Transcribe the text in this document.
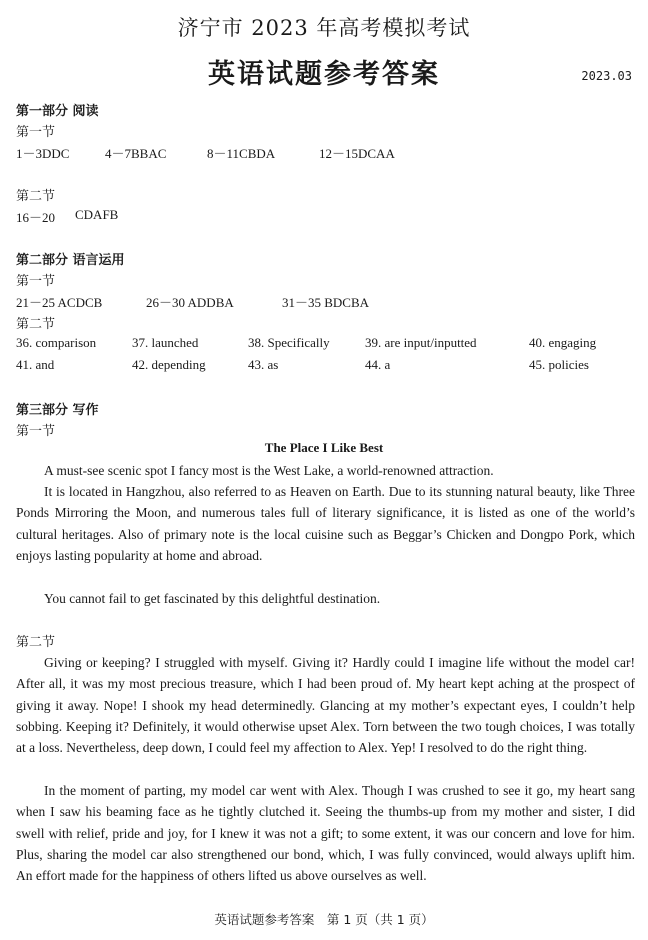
济宁市 2023 年高考模拟考试
英语试题参考答案	2023.03
第一部分 阅读
第一节
1－3DDC	4－7BBAC	8－11CBDA	12－15DCAA
第二节
16－20 CDAFB
第二部分 语言运用
第一节
21－25 ACDCB	26－30 ADDBA	31－35 BDCBA
第二节
36. comparison	37. launched	38. Specifically	39. are input/inputted	40. engaging
41. and	42. depending	43. as	44. a	45. policies
第三部分 写作
第一节
The Place I Like Best

A must-see scenic spot I fancy most is the West Lake, a world-renowned attraction.

It is located in Hangzhou, also referred to as Heaven on Earth. Due to its stunning natural beauty, like Three Ponds Mirroring the Moon, and numerous tales full of literary significance, it is listed as one of the world’s cultural heritages. Also of primary note is the local cuisine such as Beggar’s Chicken and Dongpo Pork, which enjoys lasting popularity at home and abroad.

You cannot fail to get fascinated by this delightful destination.

第二节

Giving or keeping? I struggled with myself. Giving it? Hardly could I imagine life without the model car! After all, it was my most precious treasure, which I had been proud of. My heart kept aching at the prospect of giving it away. Nope! I shook my head determinedly. Glancing at my mother’s expectant eyes, I couldn’t help sobbing. Keeping it? Definitely, it would otherwise upset Alex. Torn between the two tough choices, I was totally at a loss. Nevertheless, deep down, I could feel my affection to Alex. Yep! I resolved to do the right thing.

In the moment of parting, my model car went with Alex. Though I was crushed to see it go, my heart sang when I saw his beaming face as he tightly clutched it. Seeing the thumbs-up from my mother and sister, I did swell with relief, pride and joy, for I knew it was not a gift; to some extent, it was our concern and love for him. Plus, sharing the model car also strengthened our bond, which, I was fully convinced, would always uplift him. An effort made for the happiness of others lifted us above ourselves as well.

英语试题参考答案　第 1 页（共 1 页）
